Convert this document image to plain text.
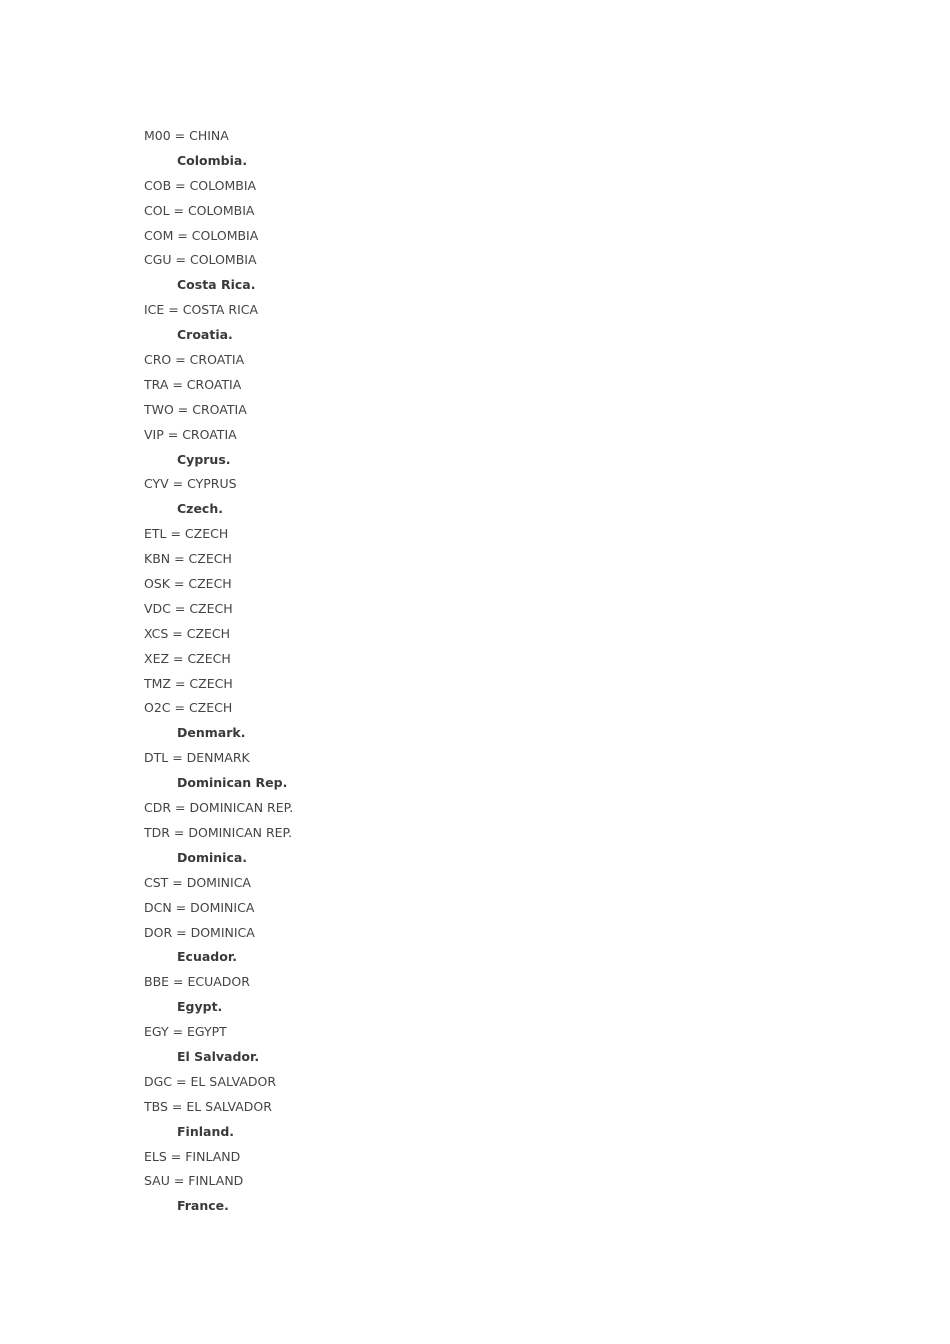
M00 = CHINA
Colombia.
COB = COLOMBIA
COL = COLOMBIA
COM = COLOMBIA
CGU = COLOMBIA
Costa Rica.
ICE = COSTA RICA
Croatia.
CRO = CROATIA
TRA = CROATIA
TWO = CROATIA
VIP = CROATIA
Cyprus.
CYV = CYPRUS
Czech.
ETL = CZECH
KBN = CZECH
OSK = CZECH
VDC = CZECH
XCS = CZECH
XEZ = CZECH
TMZ = CZECH
O2C = CZECH
Denmark.
DTL = DENMARK
Dominican Rep.
CDR = DOMINICAN REP.
TDR = DOMINICAN REP.
Dominica.
CST = DOMINICA
DCN = DOMINICA
DOR = DOMINICA
Ecuador.
BBE = ECUADOR
Egypt.
EGY = EGYPT
El Salvador.
DGC = EL SALVADOR
TBS = EL SALVADOR
Finland.
ELS = FINLAND
SAU = FINLAND
France.
